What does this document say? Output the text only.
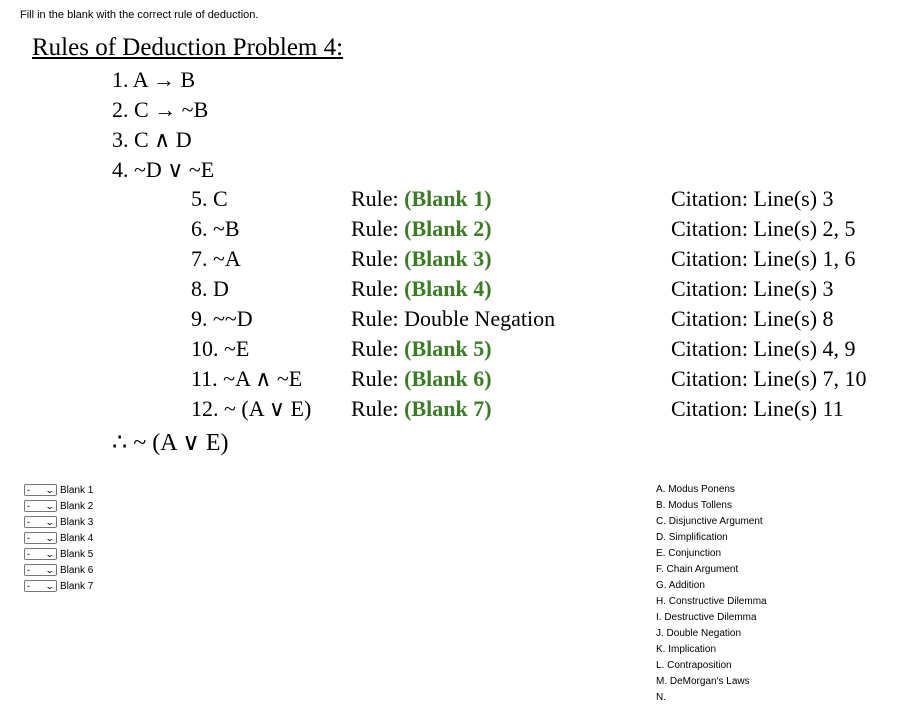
Fill in the blank with the correct rule of deduction.
Rules of Deduction Problem 4:
1. A → B
2. C → ~B
3. C ∧ D
4. ~D ∨ ~E
5. C	Rule: (Blank 1)	Citation: Line(s) 3
6. ~B	Rule: (Blank 2)	Citation: Line(s) 2, 5
7. ~A	Rule: (Blank 3)	Citation: Line(s) 1, 6
8. D	Rule: (Blank 4)	Citation: Line(s) 3
9. ~~D	Rule: Double Negation	Citation: Line(s) 8
10. ~E	Rule: (Blank 5)	Citation: Line(s) 4, 9
11. ~A ∧ ~E Rule: (Blank 6)	Citation: Line(s) 7, 10
12. ~ (A ∨ E) Rule: (Blank 7)	Citation: Line(s) 11
∴ ~ (A ∨ E)
- ⌄ Blank 1
- ⌄ Blank 2
- ⌄ Blank 3
- ⌄ Blank 4
- ⌄ Blank 5
- ⌄ Blank 6
- ⌄ Blank 7
A. Modus Ponens
B. Modus Tollens
C. Disjunctive Argument
D. Simplification
E. Conjunction
F. Chain Argument
G. Addition
H. Constructive Dilemma
I. Destructive Dilemma
J. Double Negation
K. Implication
L. Contraposition
M. DeMorgan's Laws
N.
